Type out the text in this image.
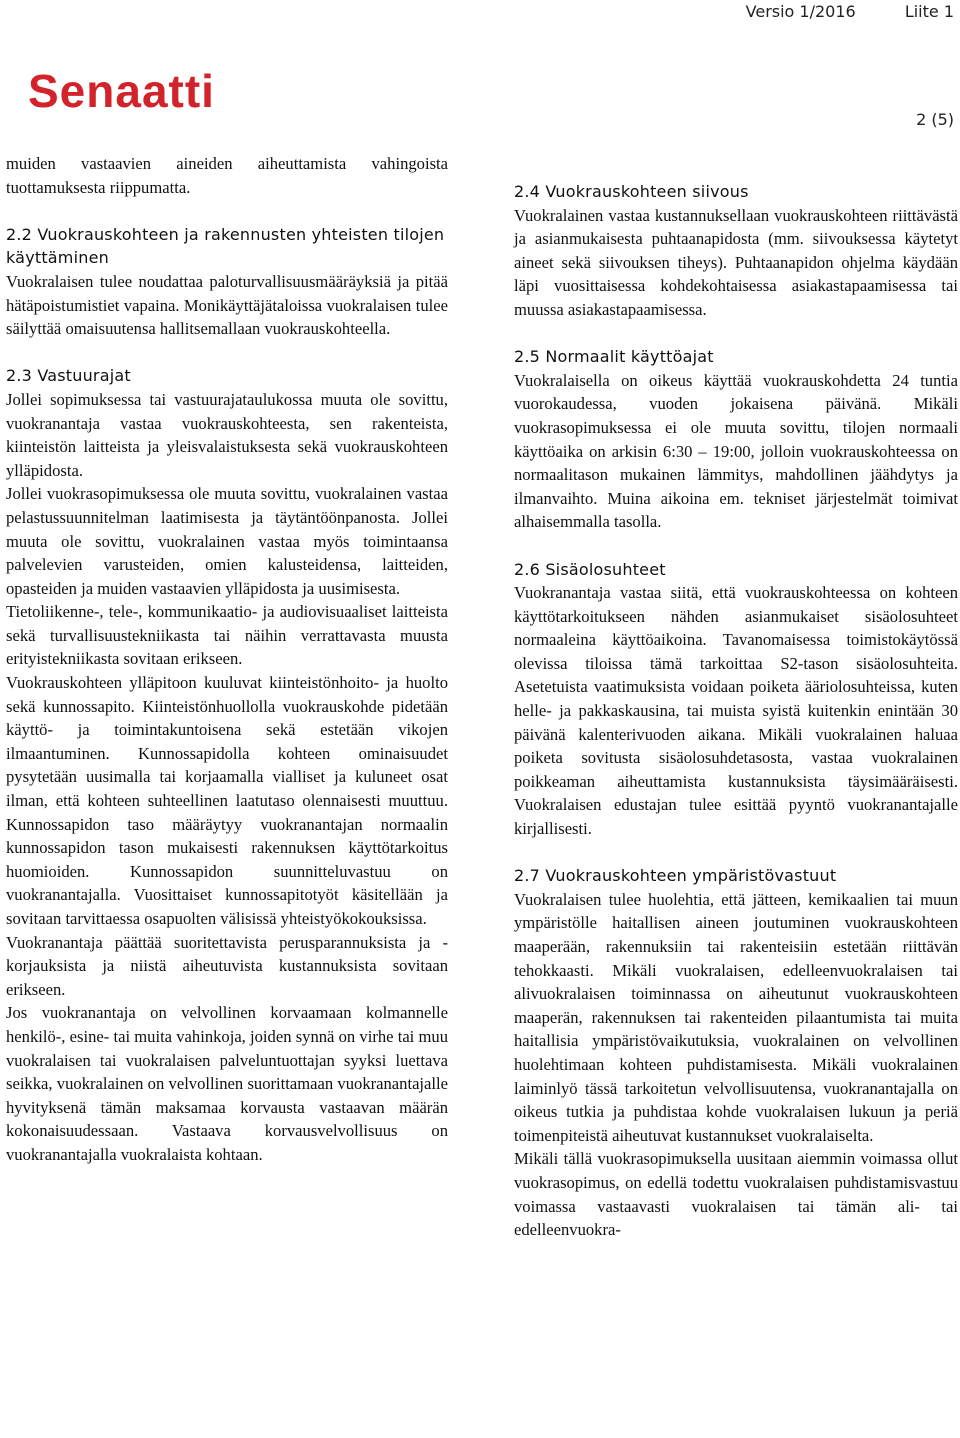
Versio 1/2016	Liite 1
Senaatti
2 (5)

muiden vastaavien aineiden aiheuttamista vahingoista tuottamuksesta riippumatta.

2.2 Vuokrauskohteen ja rakennusten yhteisten tilojen käyttäminen

Vuokralaisen tulee noudattaa paloturvallisuusmääräyksiä ja pitää hätäpoistumistiet vapaina. Monikäyttäjätaloissa vuokralaisen tulee säilyttää omaisuutensa hallitsemallaan vuokrauskohteella.

2.3 Vastuurajat

Jollei sopimuksessa tai vastuurajataulukossa muuta ole sovittu, vuokranantaja vastaa vuokrauskohteesta, sen rakenteista, kiinteistön laitteista ja yleisvalaistuksesta sekä vuokrauskohteen ylläpidosta.

Jollei vuokrasopimuksessa ole muuta sovittu, vuokralainen vastaa pelastussuunnitelman laatimisesta ja täytäntöönpanosta. Jollei muuta ole sovittu, vuokralainen vastaa myös toimintaansa palvelevien varusteiden, omien kalusteidensa, laitteiden, opasteiden ja muiden vastaavien ylläpidosta ja uusimisesta.

Tietoliikenne-, tele-, kommunikaatio- ja audiovisuaaliset laitteista sekä turvallisuustekniikasta tai näihin verrattavasta muusta erityistekniikasta sovitaan erikseen.

Vuokrauskohteen ylläpitoon kuuluvat kiinteistönhoito- ja huolto sekä kunnossapito. Kiinteistönhuollolla vuokrauskohde pidetään käyttö- ja toimintakuntoisena sekä estetään vikojen ilmaantuminen. Kunnossapidolla kohteen ominaisuudet pysytetään uusimalla tai korjaamalla vialliset ja kuluneet osat ilman, että kohteen suhteellinen laatutaso olennaisesti muuttuu. Kunnossapidon taso määräytyy vuokranantajan normaalin kunnossapidon tason mukaisesti rakennuksen käyttötarkoitus huomioiden. Kunnossapidon suunnitteluvastuu on vuokranantajalla. Vuosittaiset kunnossapitotyöt käsitellään ja sovitaan tarvittaessa osapuolten välisissä yhteistyökokouksissa.

Vuokranantaja päättää suoritettavista perusparannuksista ja -korjauksista ja niistä aiheutuvista kustannuksista sovitaan erikseen.

Jos vuokranantaja on velvollinen korvaamaan kolmannelle henkilö-, esine- tai muita vahinkoja, joiden synnä on virhe tai muu vuokralaisen tai vuokralaisen palveluntuottajan syyksi luettava seikka, vuokralainen on velvollinen suorittamaan vuokranantajalle hyvityksenä tämän maksamaa korvausta vastaavan määrän kokonaisuudessaan. Vastaava korvausvelvollisuus on vuokranantajalla vuokralaista kohtaan.

2.4 Vuokrauskohteen siivous

Vuokralainen vastaa kustannuksellaan vuokrauskohteen riittävästä ja asianmukaisesta puhtaanapidosta (mm. siivouksessa käytetyt aineet sekä siivouksen tiheys). Puhtaanapidon ohjelma käydään läpi vuosittaisessa kohdekohtaisessa asiakastapaamisessa tai muussa asiakastapaamisessa.

2.5 Normaalit käyttöajat

Vuokralaisella on oikeus käyttää vuokrauskohdetta 24 tuntia vuorokaudessa, vuoden jokaisena päivänä. Mikäli vuokrasopimuksessa ei ole muuta sovittu, tilojen normaali käyttöaika on arkisin 6:30 – 19:00, jolloin vuokrauskohteessa on normaalitason mukainen lämmitys, mahdollinen jäähdytys ja ilmanvaihto. Muina aikoina em. tekniset järjestelmät toimivat alhaisemmalla tasolla.

2.6 Sisäolosuhteet

Vuokranantaja vastaa siitä, että vuokrauskohteessa on kohteen käyttötarkoitukseen nähden asianmukaiset sisäolosuhteet normaaleina käyttöaikoina. Tavanomaisessa toimistokäytössä olevissa tiloissa tämä tarkoittaa S2-tason sisäolosuhteita. Asetetuista vaatimuksista voidaan poiketa ääriolosuhteissa, kuten helle- ja pakkaskausina, tai muista syistä kuitenkin enintään 30 päivänä kalenterivuoden aikana. Mikäli vuokralainen haluaa poiketa sovitusta sisäolosuhdetasosta, vastaa vuokralainen poikkeaman aiheuttamista kustannuksista täysimääräisesti. Vuokralaisen edustajan tulee esittää pyyntö vuokranantajalle kirjallisesti.

2.7 Vuokrauskohteen ympäristövastuut

Vuokralaisen tulee huolehtia, että jätteen, kemikaalien tai muun ympäristölle haitallisen aineen joutuminen vuokrauskohteen maaperään, rakennuksiin tai rakenteisiin estetään riittävän tehokkaasti. Mikäli vuokralaisen, edelleenvuokralaisen tai alivuokralaisen toiminnassa on aiheutunut vuokrauskohteen maaperän, rakennuksen tai rakenteiden pilaantumista tai muita haitallisia ympäristövaikutuksia, vuokralainen on velvollinen huolehtimaan kohteen puhdistamisesta. Mikäli vuokralainen laiminlyö tässä tarkoitetun velvollisuutensa, vuokranantajalla on oikeus tutkia ja puhdistaa kohde vuokralaisen lukuun ja periä toimenpiteistä aiheutuvat kustannukset vuokralaiselta.

Mikäli tällä vuokrasopimuksella uusitaan aiemmin voimassa ollut vuokrasopimus, on edellä todettu vuokralaisen puhdistamisvastuu voimassa vastaavasti vuokralaisen tai tämän ali- tai edelleenvuokra-
